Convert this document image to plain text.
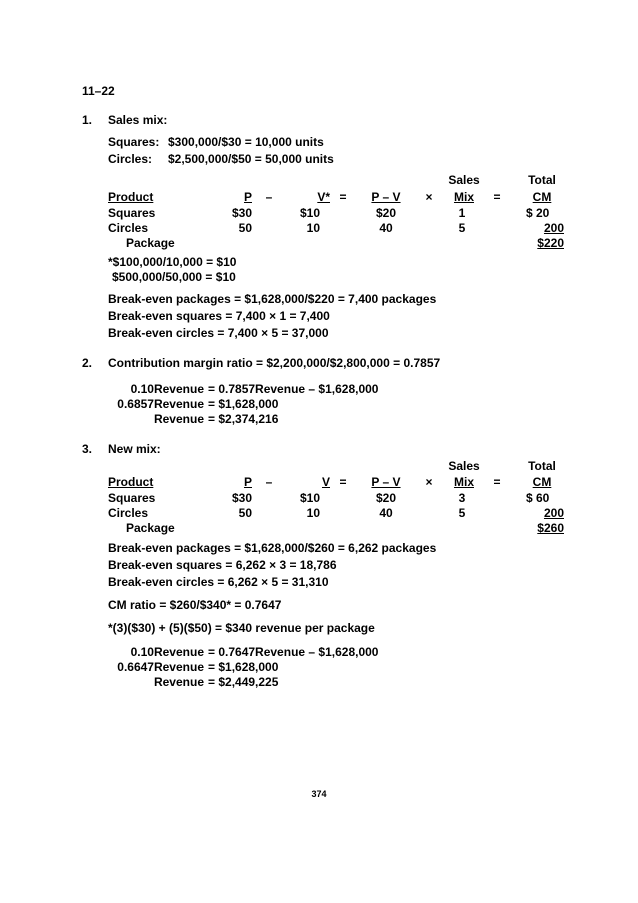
11–22
1. Sales mix:
Squares: $300,000/$30 = 10,000 units
Circles: $2,500,000/$50 = 50,000 units
Sales	Total
Product	P	–	V* =	P – V	×	Mix	=	CM
Squares	$30	$10	$20	1	$ 20
Circles	50	10	40	5	200
Package	$220
*$100,000/10,000 = $10
$500,000/50,000 = $10
Break-even packages = $1,628,000/$220 = 7,400 packages
Break-even squares = 7,400 × 1 = 7,400
Break-even circles = 7,400 × 5 = 37,000
2. Contribution margin ratio = $2,200,000/$2,800,000 = 0.7857
0.10Revenue = 0.7857Revenue – $1,628,000
0.6857Revenue = $1,628,000
Revenue = $2,374,216
3. New mix:
Sales	Total
Product	P	–	V =	P – V	×	Mix	=	CM
Squares	$30	$10	$20	3	$ 60
Circles	50	10	40	5	200
Package	$260
Break-even packages = $1,628,000/$260 = 6,262 packages
Break-even squares = 6,262 × 3 = 18,786
Break-even circles = 6,262 × 5 = 31,310
CM ratio = $260/$340* = 0.7647
*(3)($30) + (5)($50) = $340 revenue per package
0.10Revenue = 0.7647Revenue – $1,628,000
0.6647Revenue = $1,628,000
Revenue = $2,449,225
374
